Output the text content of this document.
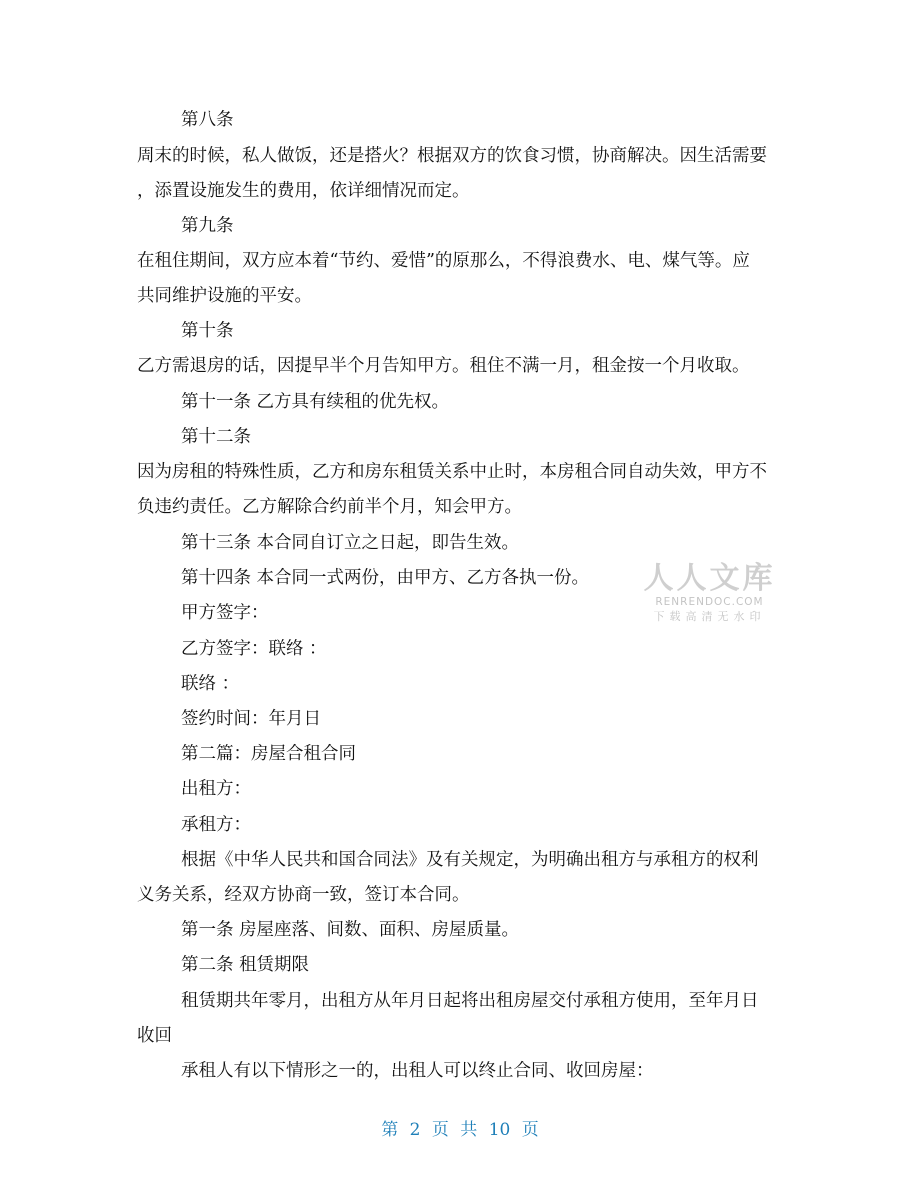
第八条
周末的时候，私人做饭，还是搭火？根据双方的饮食习惯，协商解决。因生活需要
，添置设施发生的费用，依详细情况而定。
第九条
在租住期间，双方应本着“节约、爱惜”的原那么，不得浪费水、电、煤气等。应
共同维护设施的平安。
第十条
乙方需退房的话，因提早半个月告知甲方。租住不满一月，租金按一个月收取。
第十一条 乙方具有续租的优先权。
第十二条
因为房租的特殊性质，乙方和房东租赁关系中止时，本房租合同自动失效，甲方不
负违约责任。乙方解除合约前半个月，知会甲方。
第十三条 本合同自订立之日起，即告生效。
第十四条 本合同一式两份，由甲方、乙方各执一份。
甲方签字：
乙方签字：联络 ：
联络 ：
签约时间：年月日
第二篇：房屋合租合同
出租方：
承租方：
根据《中华人民共和国合同法》及有关规定，为明确出租方与承租方的权利
义务关系，经双方协商一致，签订本合同。
第一条 房屋座落、间数、面积、房屋质量。
第二条 租赁期限
租赁期共年零月，出租方从年月日起将出租房屋交付承租方使用，至年月日
收回
承租人有以下情形之一的，出租人可以终止合同、收回房屋：
人人文库
RENRENDOC.COM
下载高清无水印
第 2 页 共 10 页
